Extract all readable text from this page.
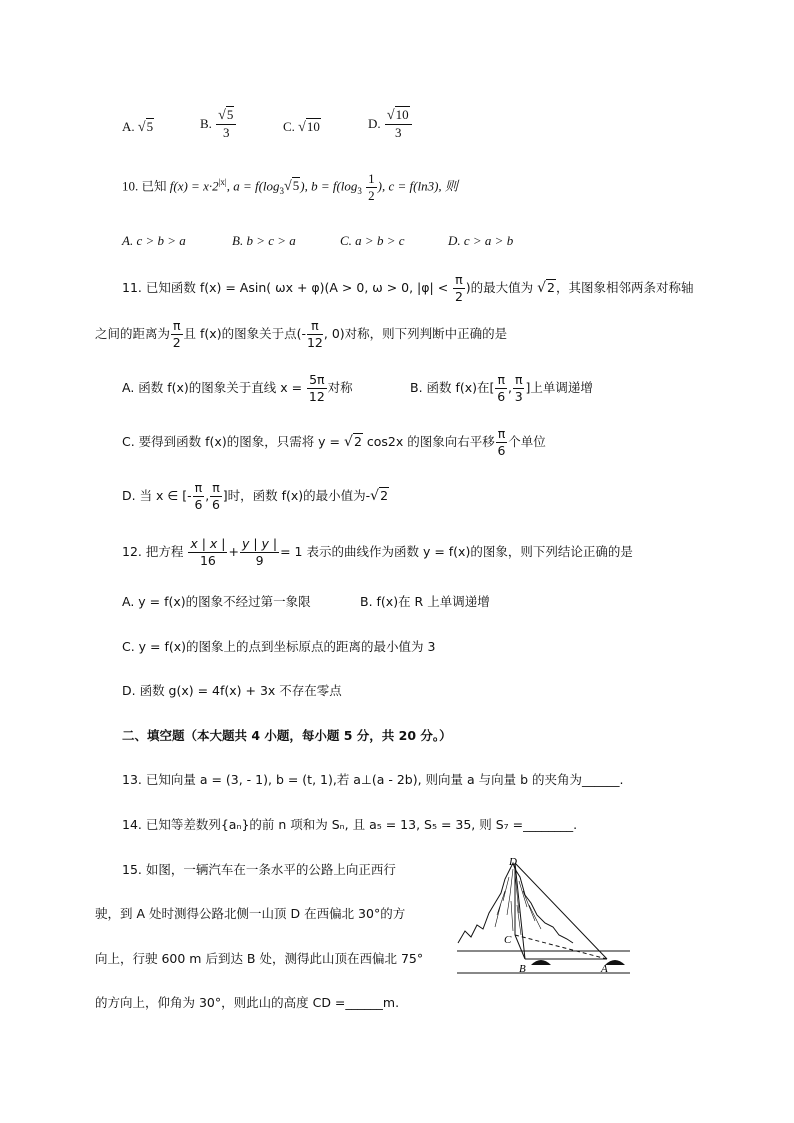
A. √5	B. $\frac{√5}{3}$	C. √10	D. $\frac{√10}{3}$
10. 已知 $f(x) = x\cdot 2^{|x|}$, $a = f(\log_3√5)$, $b = f(\log_3 \frac{1}{2}$ ), c = f(ln3), 则
A. c > b > a	B. b > c > a	C. a > b > c	D. c > a > b
11. 已知函数 f(x) = Asin( ωx + φ)(A > 0, ω > 0, $|\varphi| < \frac{\pi}{2}$ )的最大值为 √2，其图象相邻两条对称轴
之间的距离为 $\frac{\pi}{2}$ 且 f(x)的图象关于点(- $\frac{\pi}{12}$ , 0)对称，则下列判断中正确的是
A. 函数 f(x)的图象关于直线 $x = \frac{5\pi}{12}$ 对称	B. 函数 f(x)在[ $\frac{\pi}{6}$ , $\frac{\pi}{3}$ ]上单调递增
C. 要得到函数 f(x)的图象，只需将 y = √2 cos2x 的图象向右平移 $\frac{\pi}{6}$ 个单位
D. 当 x ∈ [- $\frac{\pi}{6}$ , $\frac{\pi}{6}$ ]时，函数 f(x)的最小值为-√2
12. 把方程 $\frac{x | x |}{16} + \frac{y | y |}{9} = 1$ 表示的曲线作为函数 y = f(x)的图象，则下列结论正确的是
A. y = f(x)的图象不经过第一象限	B. f(x)在 R 上单调递增
C. y = f(x)的图象上的点到坐标原点的距离的最小值为 3
D. 函数 g(x) = 4f(x) + 3x 不存在零点
二、填空题（本大题共 4 小题，每小题 5 分，共 20 分。）
13. 已知向量 a = (3, - 1), b = (t, 1),若 a⊥(a - 2b), 则向量 a 与向量 b 的夹角为______.
14. 已知等差数列{aₙ}的前 n 项和为 Sₙ, 且 a₅ = 13, S₅ = 35, 则 S₇ =________.
15. 如图，一辆汽车在一条水平的公路上向正西行
驶，到 A 处时测得公路北侧一山顶 D 在西偏北 30°的方
向上，行驶 600 m 后到达 B 处，测得此山顶在西偏北 75°
的方向上，仰角为 30°，则此山的高度 CD =______m.
D
C
B	A
